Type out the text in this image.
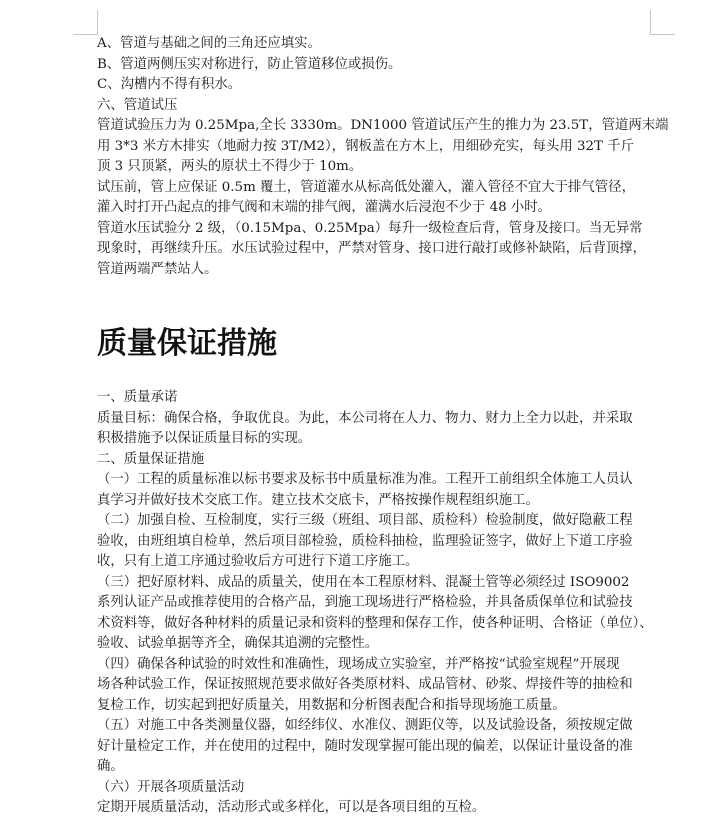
A、管道与基础之间的三角还应填实。

B、管道两侧压实对称进行，防止管道移位或损伤。

C、沟槽内不得有积水。

六、管道试压

管道试验压力为 0.25Mpa,全长 3330m。DN1000 管道试压产生的推力为 23.5T，管道两末端

用 3*3 米方木排实（地耐力按 3T/M2），钢板盖在方木上，用细砂充实，每头用 32T 千斤

顶 3 只顶紧，两头的原状土不得少于 10m。

试压前，管上应保证 0.5m 覆土，管道灌水从标高低处灌入，灌入管径不宜大于排气管径，

灌入时打开凸起点的排气阀和末端的排气阀，灌满水后浸泡不少于 48 小时。

管道水压试验分 2 级，（0.15Mpa、0.25Mpa）每升一级检查后背，管身及接口。当无异常

现象时，再继续升压。水压试验过程中，严禁对管身、接口进行敲打或修补缺陷，后背顶撑，

管道两端严禁站人。

质量保证措施

一、质量承诺

质量目标：确保合格，争取优良。为此，本公司将在人力、物力、财力上全力以赴，并采取

积极措施予以保证质量目标的实现。

二、质量保证措施

（一）工程的质量标准以标书要求及标书中质量标准为准。工程开工前组织全体施工人员认

真学习并做好技术交底工作。建立技术交底卡，严格按操作规程组织施工。

（二）加强自检、互检制度，实行三级（班组、项目部、质检科）检验制度，做好隐蔽工程

验收，由班组填自检单，然后项目部检验，质检科抽检，监理验证签字，做好上下道工序验

收，只有上道工序通过验收后方可进行下道工序施工。

（三）把好原材料、成品的质量关，使用在本工程原材料、混凝土管等必须经过 ISO9002

系列认证产品或推荐使用的合格产品，到施工现场进行严格检验，并具备质保单位和试验技

术资料等，做好各种材料的质量记录和资料的整理和保存工作，使各种证明、合格证（单位）、

验收、试验单据等齐全，确保其追溯的完整性。

（四）确保各种试验的时效性和准确性，现场成立实验室，并严格按“试验室规程”开展现

场各种试验工作，保证按照规范要求做好各类原材料、成品管材、砂浆、焊接件等的抽检和

复检工作，切实起到把好质量关，用数据和分析图表配合和指导现场施工质量。

（五）对施工中各类测量仪器，如经纬仪、水准仪、测距仪等，以及试验设备，须按规定做

好计量检定工作，并在使用的过程中，随时发现掌握可能出现的偏差，以保证计量设备的准

确。

（六）开展各项质量活动

定期开展质量活动，活动形式或多样化，可以是各项目组的互检。
